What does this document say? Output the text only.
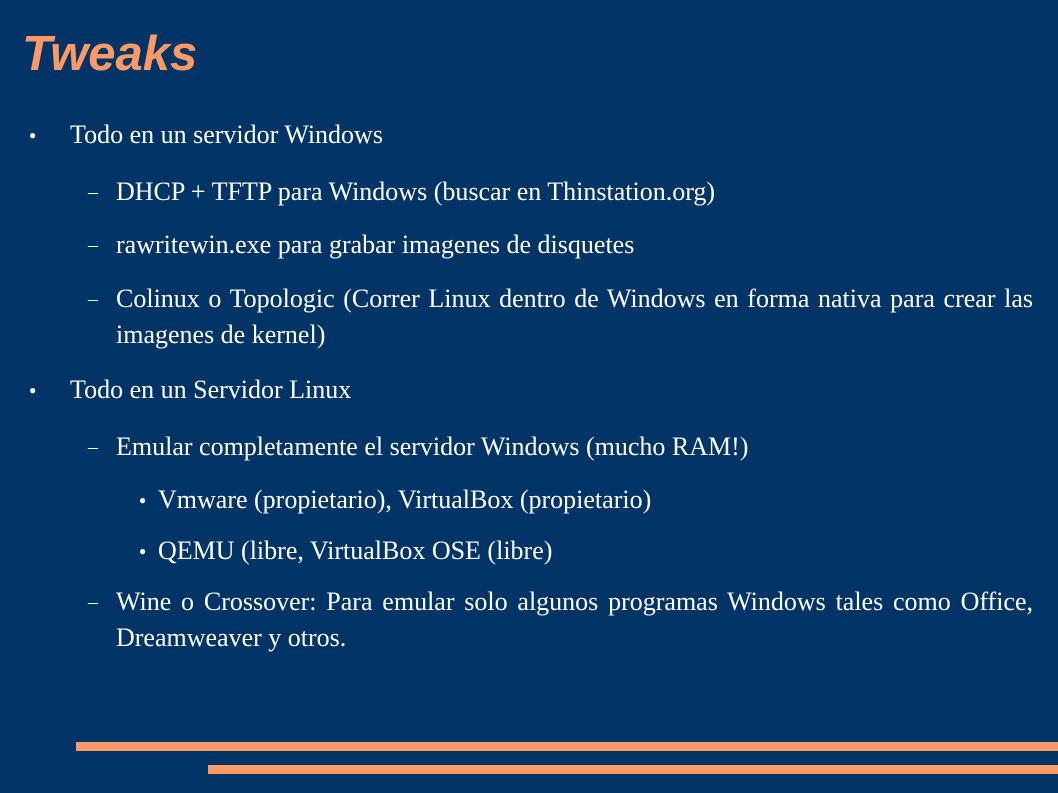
Tweaks
● Todo en un servidor Windows
– DHCP + TFTP para Windows (buscar en Thinstation.org)
– rawritewin.exe para grabar imagenes de disquetes
– Colinux o Topologic (Correr Linux dentro de Windows en forma nativa para crear las imagenes de kernel)
● Todo en un Servidor Linux
– Emular completamente el servidor Windows (mucho RAM!)
● Vmware (propietario), VirtualBox (propietario)
● QEMU (libre, VirtualBox OSE (libre)
– Wine o Crossover: Para emular solo algunos programas Windows tales como Office, Dreamweaver y otros.
